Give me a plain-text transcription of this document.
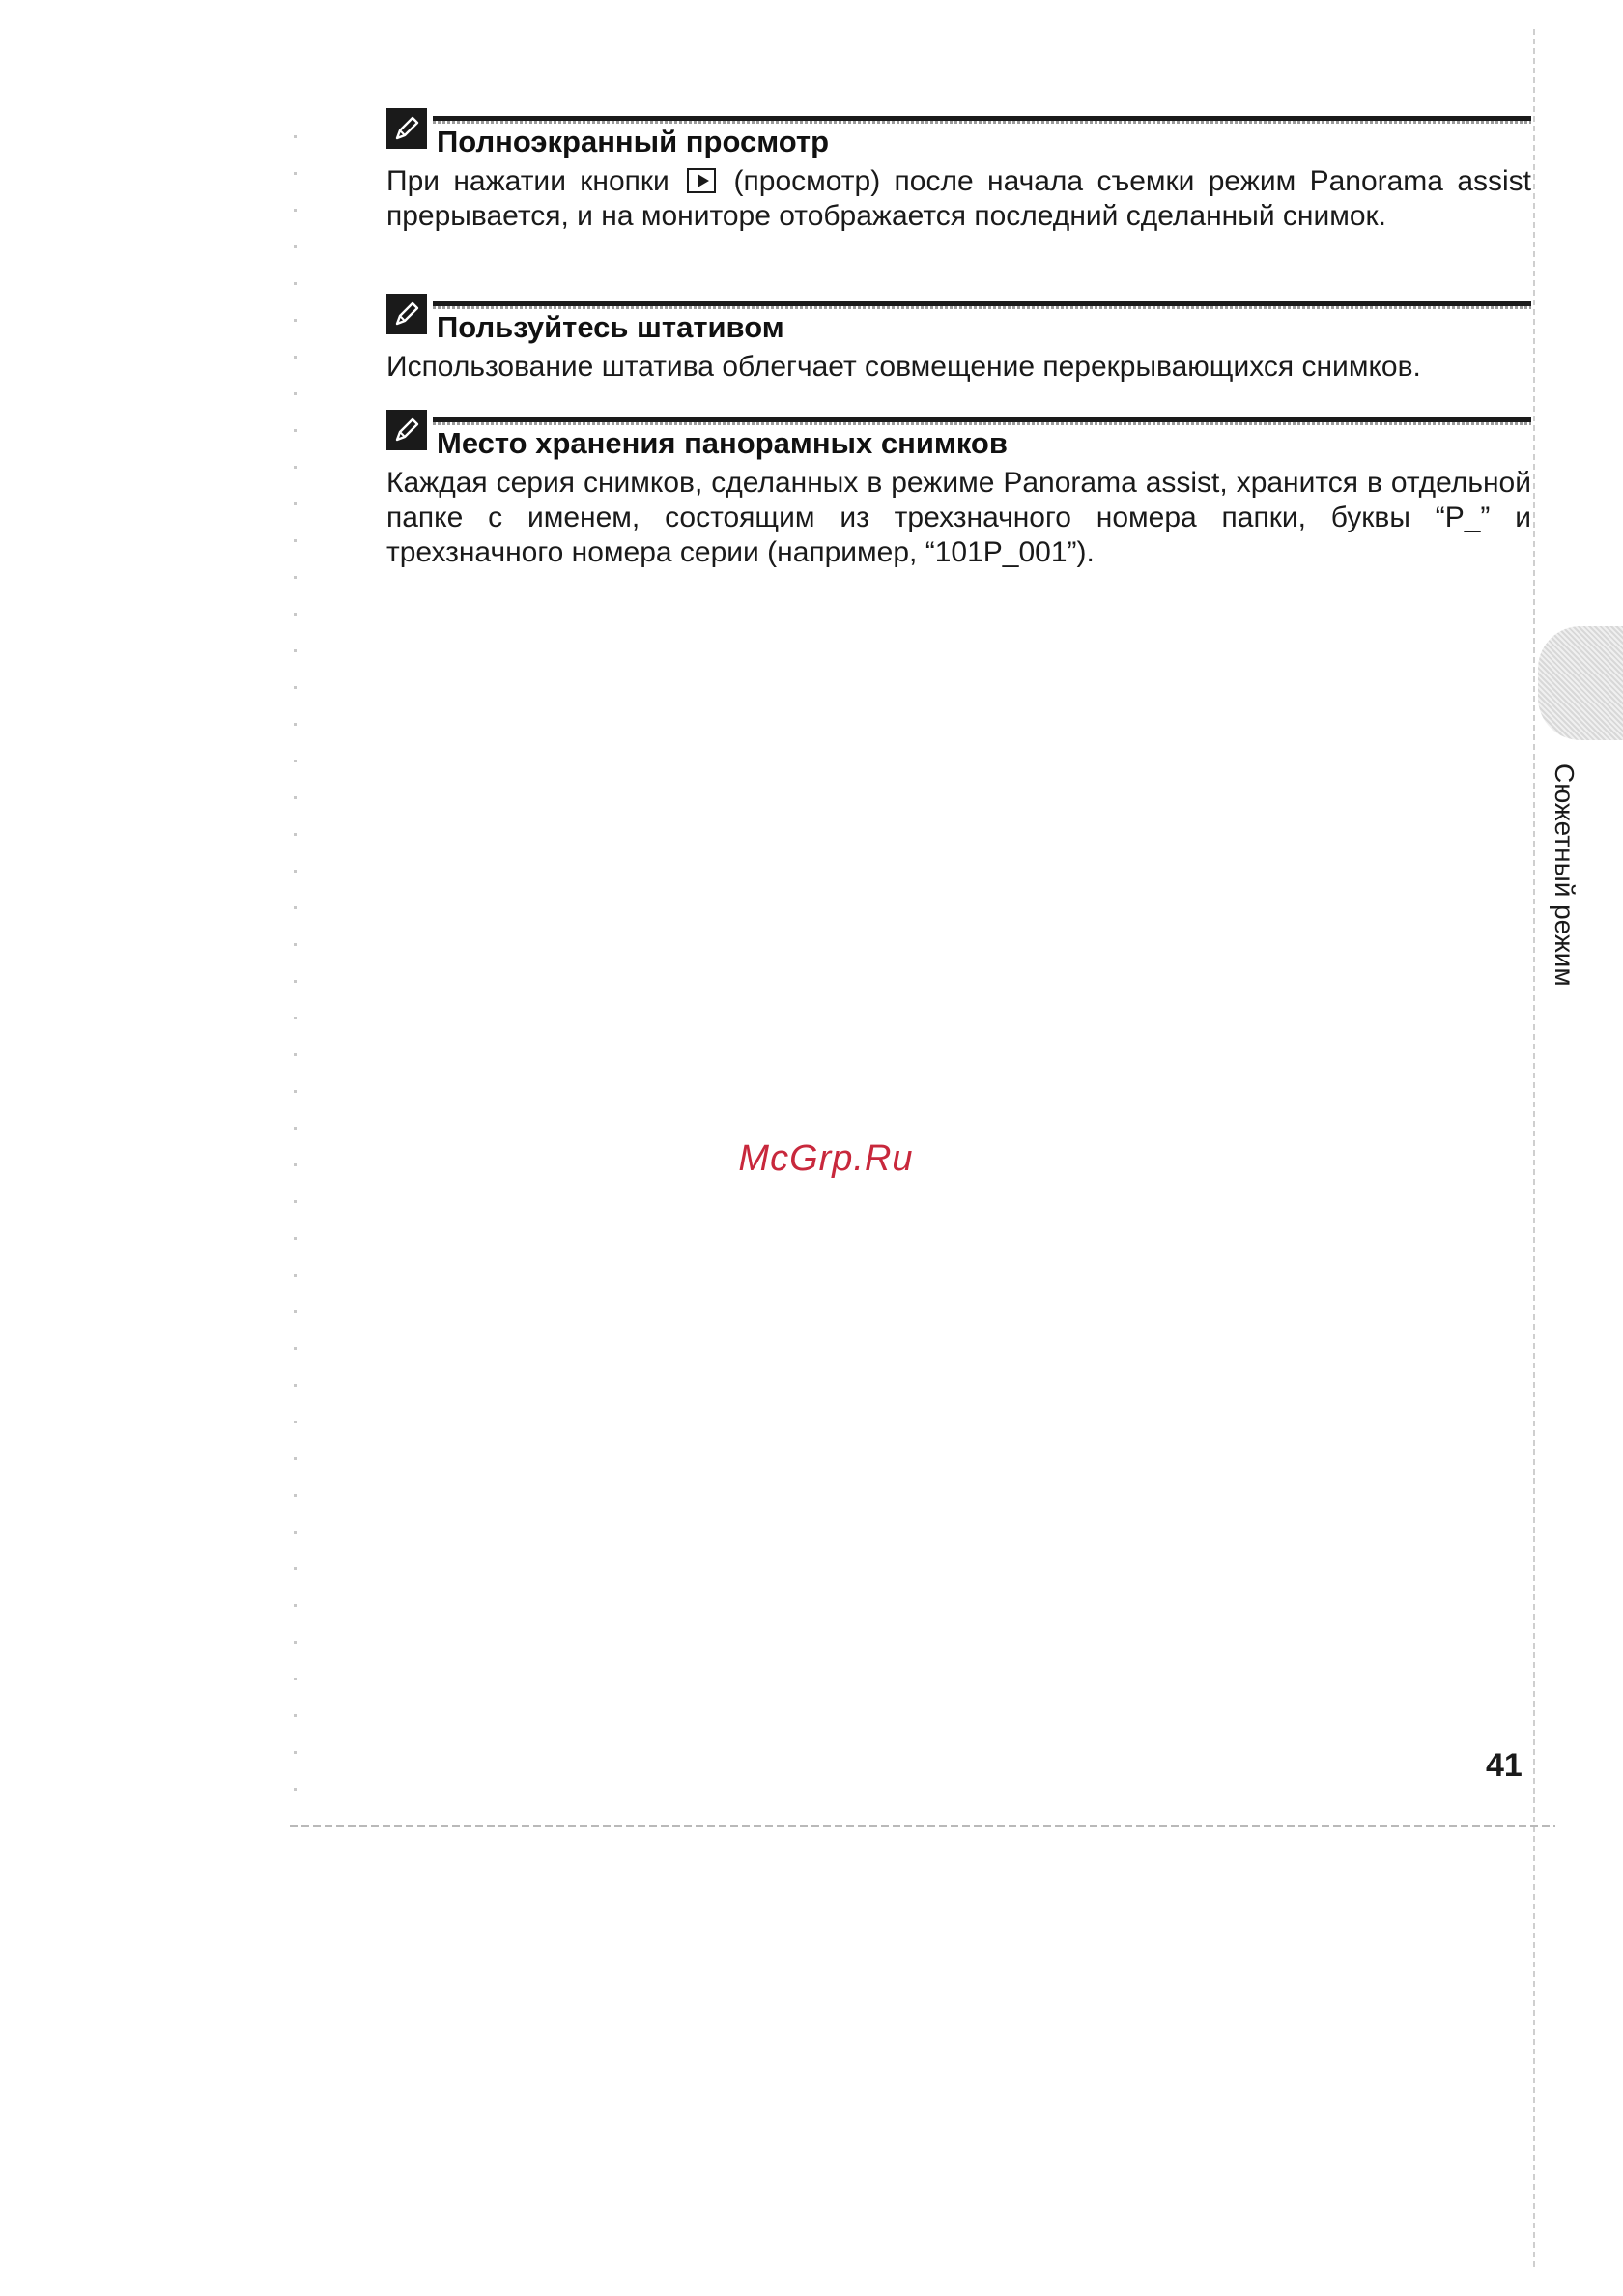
Полноэкранный просмотр

При нажатии кнопки (просмотр) после начала съемки режим Panorama assist прерывается, и на мониторе отображается последний сделанный снимок.

Пользуйтесь штативом

Использование штатива облегчает совмещение перекрывающихся снимков.

Место хранения панорамных снимков

Каждая серия снимков, сделанных в режиме Panorama assist, хранится в отдельной папке с именем, состоящим из трехзначного номера папки, буквы “P_” и трехзначного номера серии (например, “101P_001”).

Сюжетный режим
McGrp.Ru
41
